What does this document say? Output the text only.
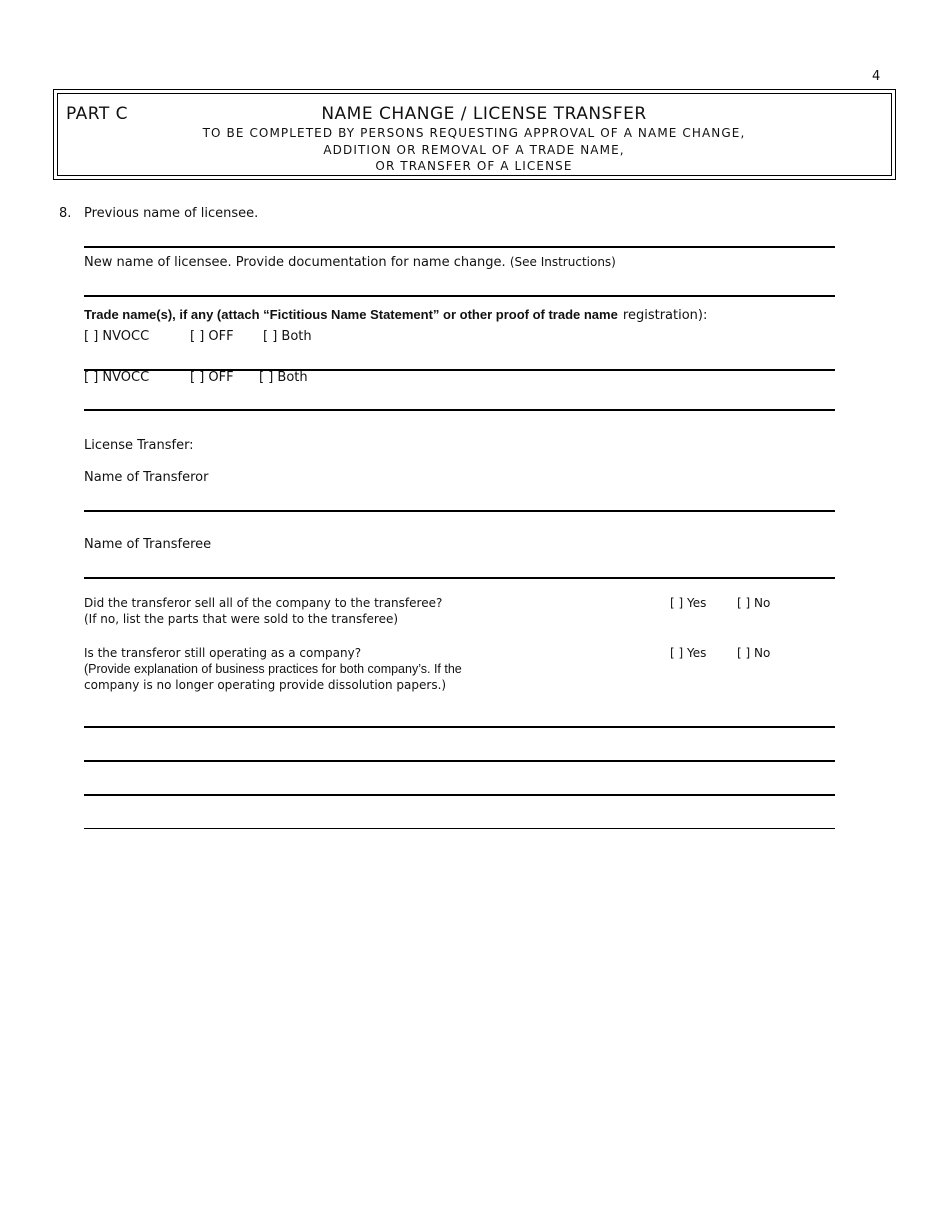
4
PART C	NAME CHANGE / LICENSE TRANSFER
TO BE COMPLETED BY PERSONS REQUESTING APPROVAL OF A NAME CHANGE,
ADDITION OR REMOVAL OF A TRADE NAME,
OR TRANSFER OF A LICENSE
8. Previous name of licensee.
New name of licensee. Provide documentation for name change. (See Instructions)
Trade name(s), if any (attach “Fictitious Name Statement” or other proof of trade name registration):
[ ] NVOCC	[ ] OFF [ ] Both
[ ] NVOCC	[ ] OFF [ ] Both
License Transfer:
Name of Transferor
Name of Transferee
Did the transferor sell all of the company to the transferee?
(If no, list the parts that were sold to the transferee)
[ ] Yes	[ ] No
Is the transferor still operating as a company?
(Provide explanation of business practices for both company’s. If the
company is no longer operating provide dissolution papers.)
[ ] Yes	[ ] No
